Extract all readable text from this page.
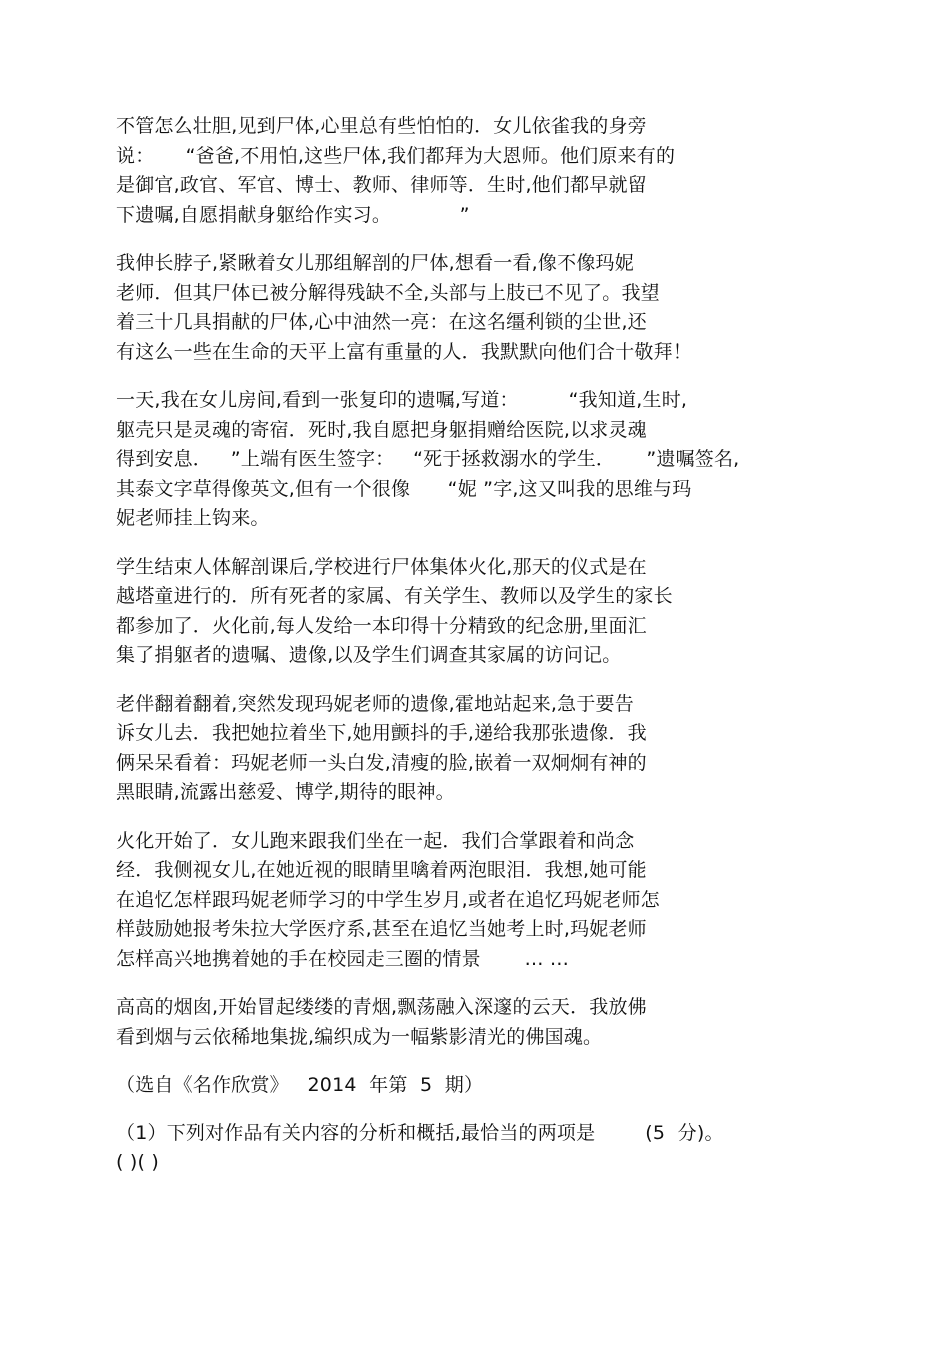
不管怎么壮胆,见到尸体,心里总有些怕怕的．女儿依雀我的身旁
说：     “爸爸,不用怕,这些尸体,我们都拜为大恩师。他们原来有的
是御官,政官、军官、博士、教师、律师等．生时,他们都早就留
下遗嘱,自愿捐献身躯给作实习。           ”
我伸长脖子,紧瞅着女儿那组解剖的尸体,想看一看,像不像玛妮
老师．但其尸体已被分解得残缺不全,头部与上肢已不见了。我望
着三十几具捐献的尸体,心中油然一亮：在这名缰利锁的尘世,还
有这么一些在生命的天平上富有重量的人．我默默向他们合十敬拜！
一天,我在女儿房间,看到一张复印的遗嘱,写道：        “我知道,生时,
躯壳只是灵魂的寄宿．死时,我自愿把身躯捐赠给医院,以求灵魂
得到安息．   ”上端有医生签字：   “死于拯救溺水的学生．     ”遗嘱签名,
其泰文字草得像英文,但有一个很像      “妮 ”字,这又叫我的思维与玛
妮老师挂上钩来。
学生结束人体解剖课后,学校进行尸体集体火化,那天的仪式是在
越塔童进行的．所有死者的家属、有关学生、教师以及学生的家长
都参加了．火化前,每人发给一本印得十分精致的纪念册,里面汇
集了捐躯者的遗嘱、遗像,以及学生们调查其家属的访问记。
老伴翻着翻着,突然发现玛妮老师的遗像,霍地站起来,急于要告
诉女儿去．我把她拉着坐下,她用颤抖的手,递给我那张遗像．我
俩呆呆看着：玛妮老师一头白发,清瘦的脸,嵌着一双炯炯有神的
黑眼睛,流露出慈爱、博学,期待的眼神。
火化开始了．女儿跑来跟我们坐在一起．我们合掌跟着和尚念
经．我侧视女儿,在她近视的眼睛里噙着两泡眼泪．我想,她可能
在追忆怎样跟玛妮老师学习的中学生岁月,或者在追忆玛妮老师怎
样鼓励她报考朱拉大学医疗系,甚至在追忆当她考上时,玛妮老师
怎样高兴地携着她的手在校园走三圈的情景       … …
高高的烟囱,开始冒起缕缕的青烟,飘荡融入深邃的云天．我放佛
看到烟与云依稀地集拢,编织成为一幅紫影清光的佛国魂。
（选自《名作欣赏》   2014  年第  5  期）
（1）下列对作品有关内容的分析和概括,最恰当的两项是        (5  分)。
( )( )
